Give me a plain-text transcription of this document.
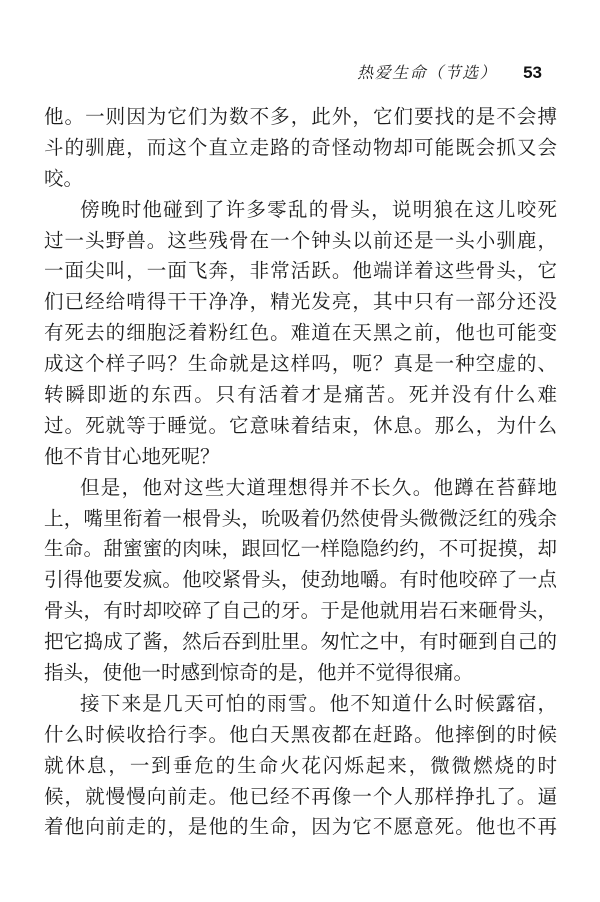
热爱生命（节选） 53
他。一则因为它们为数不多，此外，它们要找的是不会搏
斗的驯鹿，而这个直立走路的奇怪动物却可能既会抓又会
咬。
傍晚时他碰到了许多零乱的骨头，说明狼在这儿咬死
过一头野兽。这些残骨在一个钟头以前还是一头小驯鹿，
一面尖叫，一面飞奔，非常活跃。他端详着这些骨头，它
们已经给啃得干干净净，精光发亮，其中只有一部分还没
有死去的细胞泛着粉红色。难道在天黑之前，他也可能变
成这个样子吗？生命就是这样吗，呃？真是一种空虚的、
转瞬即逝的东西。只有活着才是痛苦。死并没有什么难
过。死就等于睡觉。它意味着结束，休息。那么，为什么
他不肯甘心地死呢？
但是，他对这些大道理想得并不长久。他蹲在苔藓地
上，嘴里衔着一根骨头，吮吸着仍然使骨头微微泛红的残余
生命。甜蜜蜜的肉味，跟回忆一样隐隐约约，不可捉摸，却
引得他要发疯。他咬紧骨头，使劲地嚼。有时他咬碎了一点
骨头，有时却咬碎了自己的牙。于是他就用岩石来砸骨头，
把它捣成了酱，然后吞到肚里。匆忙之中，有时砸到自己的
指头，使他一时感到惊奇的是，他并不觉得很痛。
接下来是几天可怕的雨雪。他不知道什么时候露宿，
什么时候收拾行李。他白天黑夜都在赶路。他摔倒的时候
就休息，一到垂危的生命火花闪烁起来，微微燃烧的时
候，就慢慢向前走。他已经不再像一个人那样挣扎了。逼
着他向前走的，是他的生命，因为它不愿意死。他也不再
